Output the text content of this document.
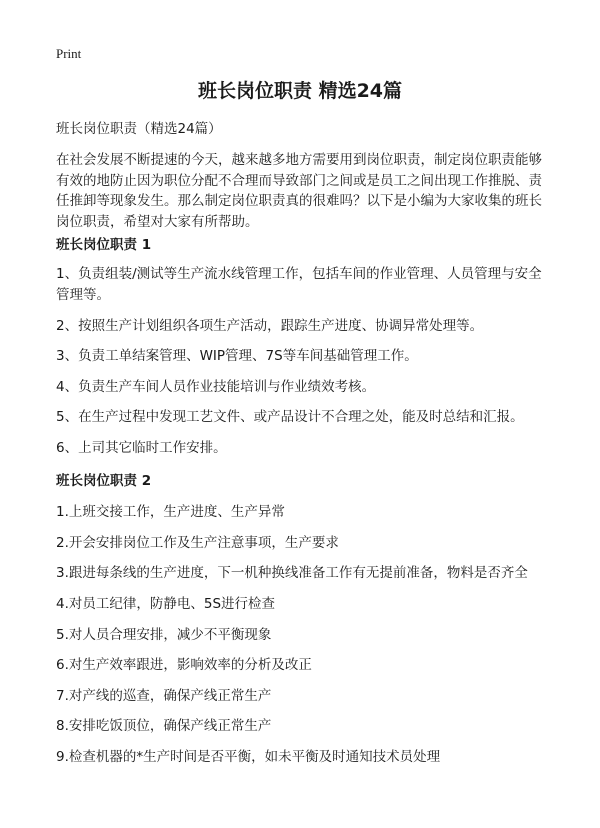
Print
班长岗位职责 精选24篇
班长岗位职责（精选24篇）

在社会发展不断提速的今天，越来越多地方需要用到岗位职责，制定岗位职责能够有效的地防止因为职位分配不合理而导致部门之间或是员工之间出现工作推脱、责任推卸等现象发生。那么制定岗位职责真的很难吗？以下是小编为大家收集的班长岗位职责，希望对大家有所帮助。

班长岗位职责 1

1、负责组装/测试等生产流水线管理工作，包括车间的作业管理、人员管理与安全管理等。

2、按照生产计划组织各项生产活动，跟踪生产进度、协调异常处理等。

3、负责工单结案管理、WIP管理、7S等车间基础管理工作。

4、负责生产车间人员作业技能培训与作业绩效考核。

5、在生产过程中发现工艺文件、或产品设计不合理之处，能及时总结和汇报。

6、上司其它临时工作安排。

班长岗位职责 2

1.上班交接工作，生产进度、生产异常

2.开会安排岗位工作及生产注意事项，生产要求

3.跟进每条线的生产进度，下一机种换线准备工作有无提前准备，物料是否齐全

4.对员工纪律，防静电、5S进行检查

5.对人员合理安排，减少不平衡现象

6.对生产效率跟进，影响效率的分析及改正

7.对产线的巡查，确保产线正常生产

8.安排吃饭顶位，确保产线正常生产

9.检查机器的*生产时间是否平衡，如未平衡及时通知技术员处理
